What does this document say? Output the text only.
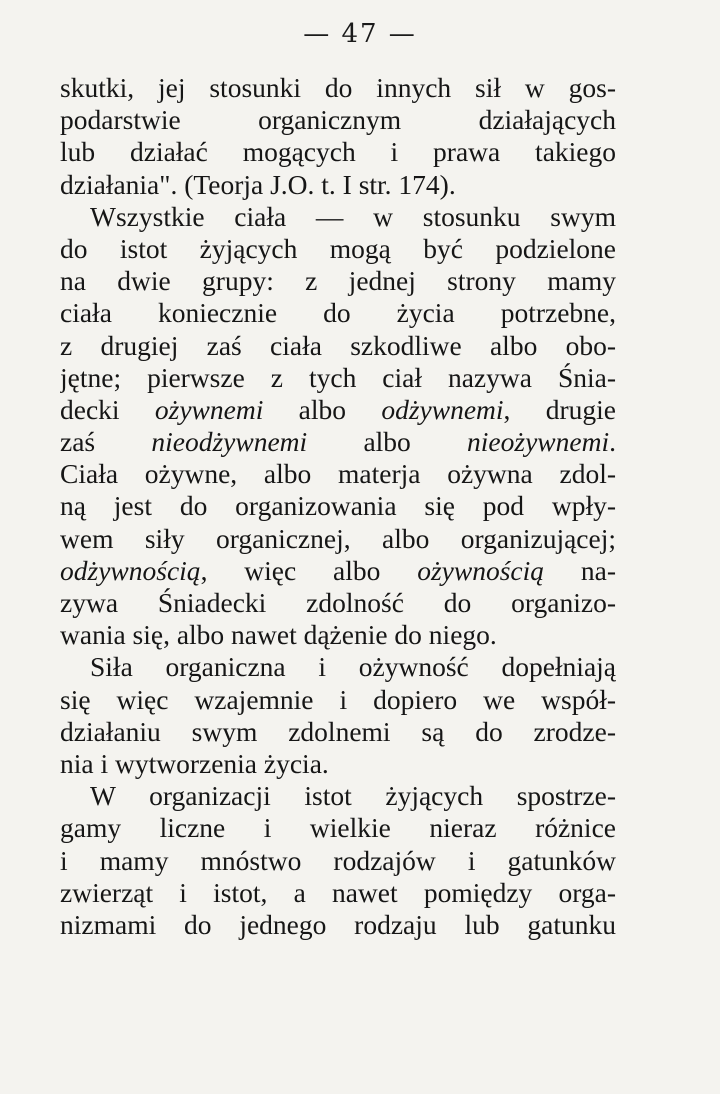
— 47 —
skutki, jej stosunki do innych sił w gos-
podarstwie organicznym działających
lub działać mogących i prawa takiego
działania". (Teorja J.O. t. I str. 174).
Wszystkie ciała — w stosunku swym
do istot żyjących mogą być podzielone
na dwie grupy: z jednej strony mamy
ciała koniecznie do życia potrzebne,
z drugiej zaś ciała szkodliwe albo obo-
jętne; pierwsze z tych ciał nazywa Śnia-
decki ożywnemi albo odżywnemi, drugie
zaś nieodżywnemi albo nieożywnemi.
Ciała ożywne, albo materja ożywna zdol-
ną jest do organizowania się pod wpły-
wem siły organicznej, albo organizującej;
odżywnością, więc albo ożywnością na-
zywa Śniadecki zdolność do organizo-
wania się, albo nawet dążenie do niego.
Siła organiczna i ożywność dopełniają
się więc wzajemnie i dopiero we współ-
działaniu swym zdolnemi są do zrodze-
nia i wytworzenia życia.
W organizacji istot żyjących spostrze-
gamy liczne i wielkie nieraz różnice
i mamy mnóstwo rodzajów i gatunków
zwierząt i istot, a nawet pomiędzy orga-
nizmami do jednego rodzaju lub gatunku
